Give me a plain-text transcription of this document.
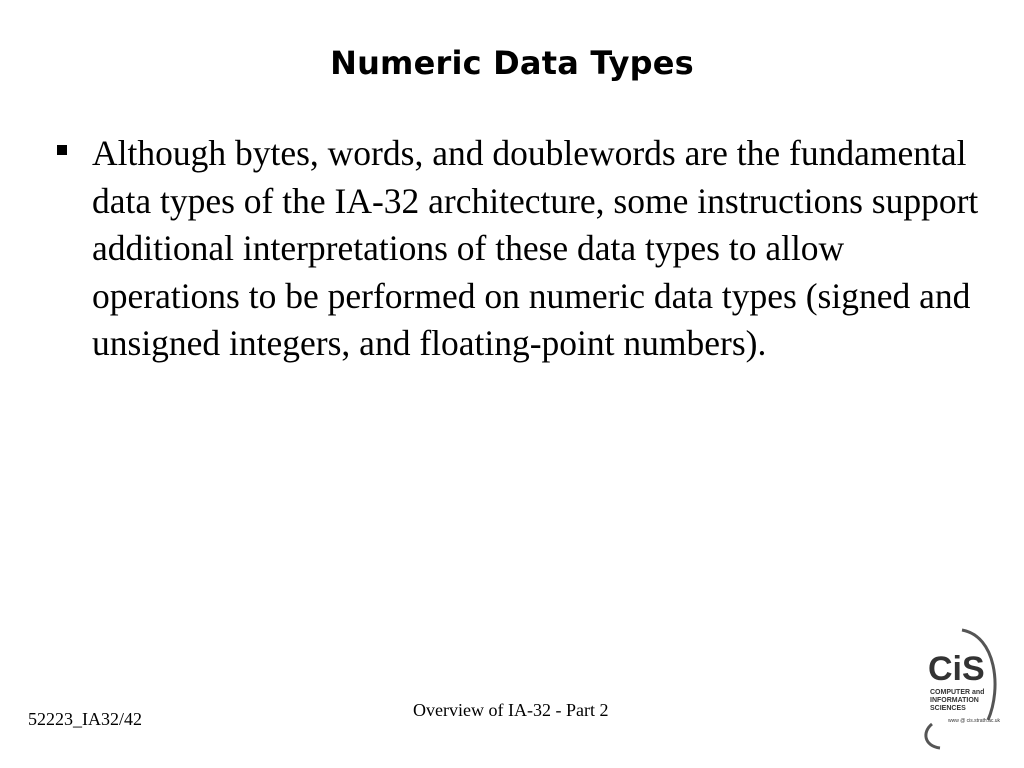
Numeric Data Types
Although bytes, words, and doublewords are the fundamental data types of the IA-32 architecture, some instructions support additional interpretations of these data types to allow operations to be performed on numeric data types (signed and unsigned integers, and floating-point numbers).
52223_IA32/42	Overview of IA-32 - Part 2
CiS
COMPUTER and
INFORMATION
SCIENCES
www @ cis.strath.ac.uk
